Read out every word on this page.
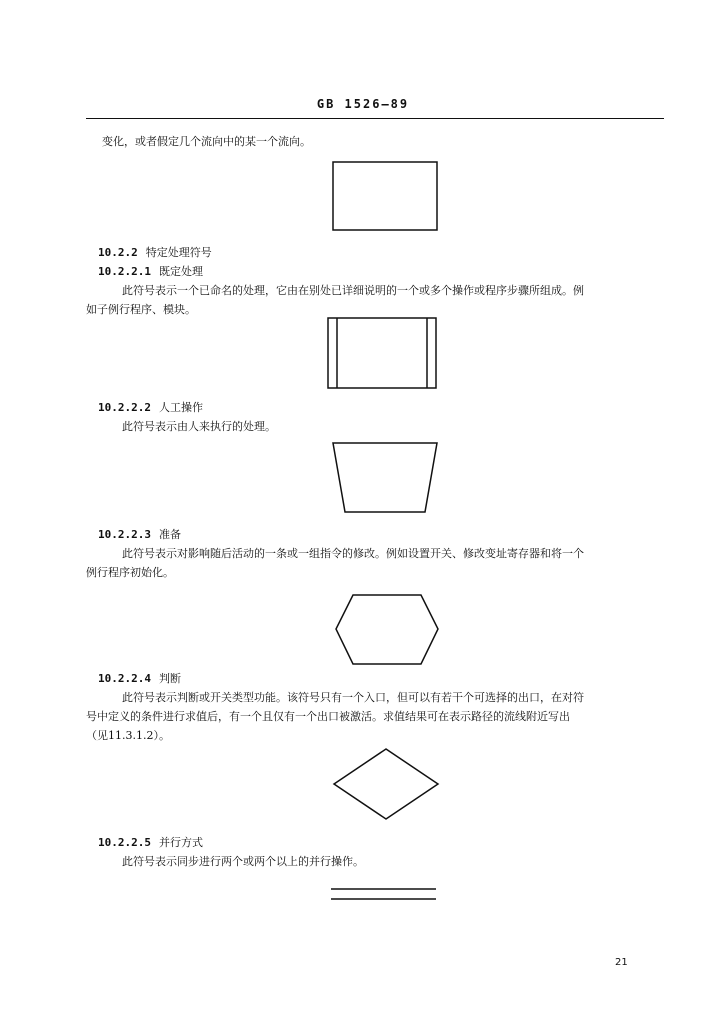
GB 1526—89
变化，或者假定几个流向中的某一个流向。
10.2.2 特定处理符号
10.2.2.1 既定处理
此符号表示一个已命名的处理，它由在别处已详细说明的一个或多个操作或程序步骤所组成。例
如子例行程序、模块。
10.2.2.2 人工操作
此符号表示由人来执行的处理。
10.2.2.3 准备
此符号表示对影响随后活动的一条或一组指令的修改。例如设置开关、修改变址寄存器和将一个
例行程序初始化。
10.2.2.4 判断
此符号表示判断或开关类型功能。该符号只有一个入口，但可以有若干个可选择的出口，在对符
号中定义的条件进行求值后，有一个且仅有一个出口被激活。求值结果可在表示路径的流线附近写出
（见11.3.1.2）。
10.2.2.5 并行方式
此符号表示同步进行两个或两个以上的并行操作。
21
